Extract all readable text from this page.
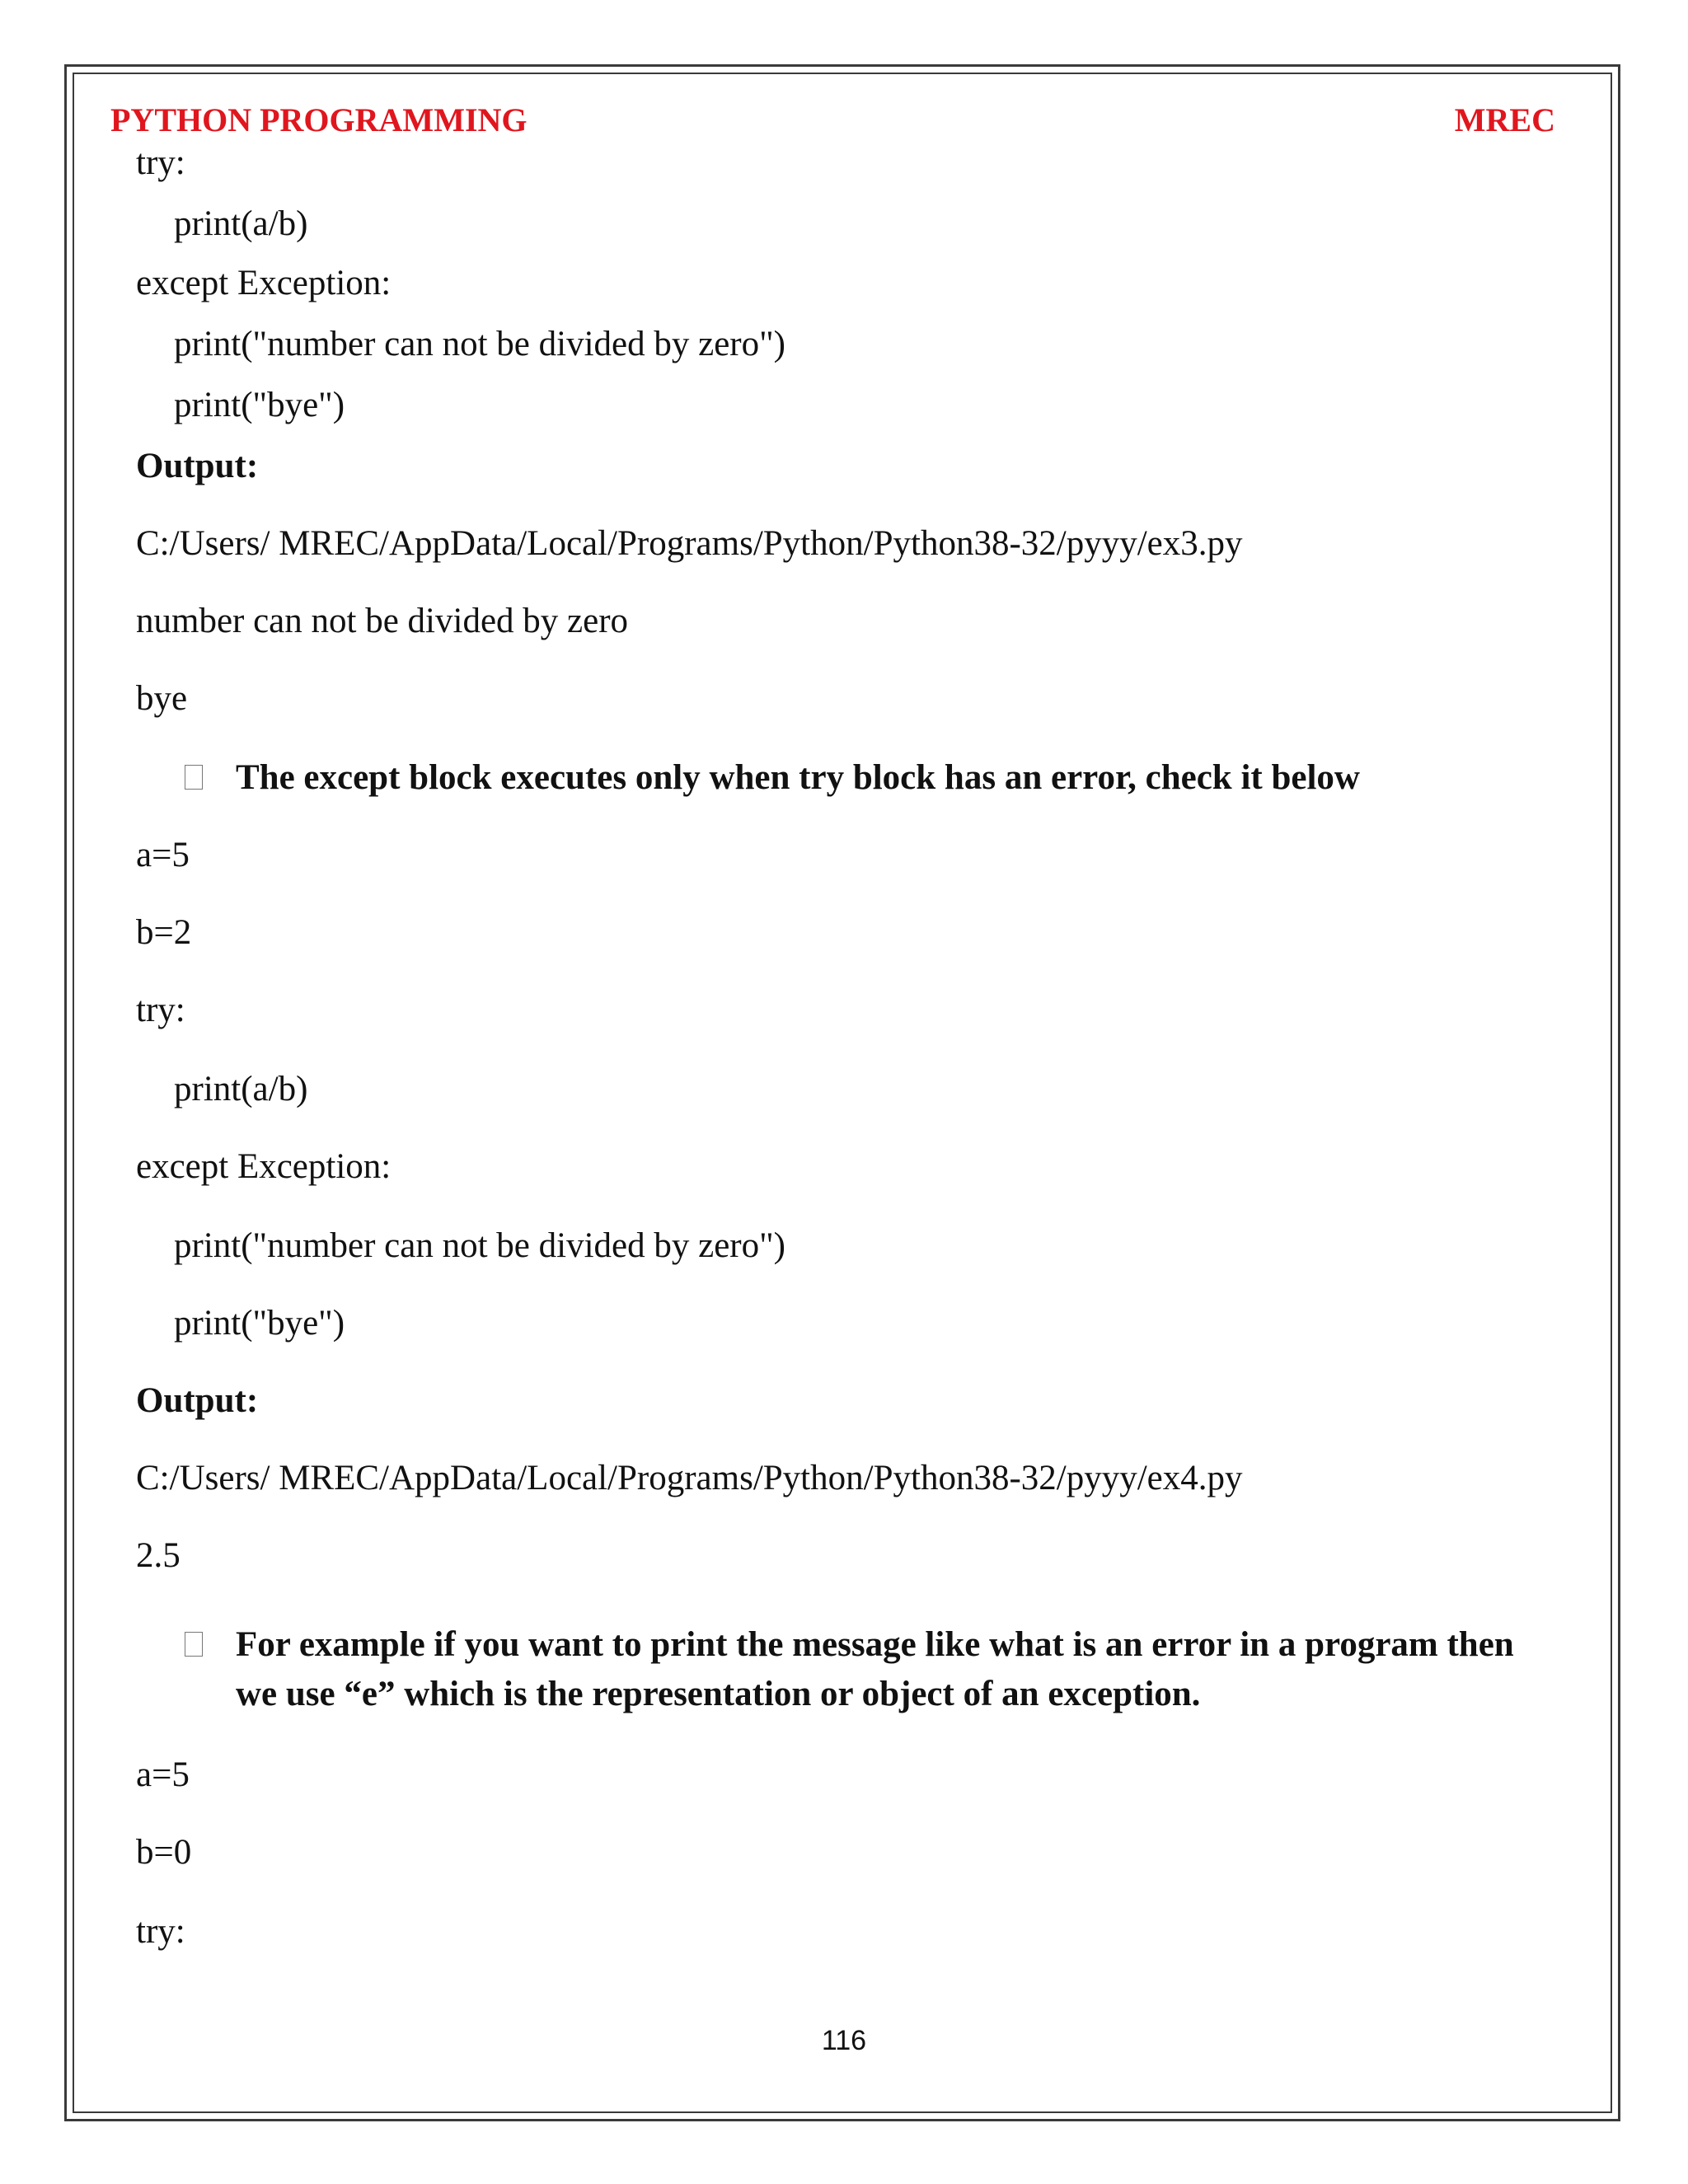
PYTHON PROGRAMMING	MREC
try:
print(a/b)
except Exception:
print("number can not be divided by zero")
print("bye")
Output:
C:/Users/ MREC/AppData/Local/Programs/Python/Python38-32/pyyy/ex3.py
number can not be divided by zero
bye
The except block executes only when try block has an error, check it below
a=5
b=2
try:
print(a/b)
except Exception:
print("number can not be divided by zero")
print("bye")
Output:
C:/Users/ MREC/AppData/Local/Programs/Python/Python38-32/pyyy/ex4.py
2.5
For example if you want to print the message like what is an error in a program then we use “e” which is the representation or object of an exception.
a=5
b=0
try:
116
